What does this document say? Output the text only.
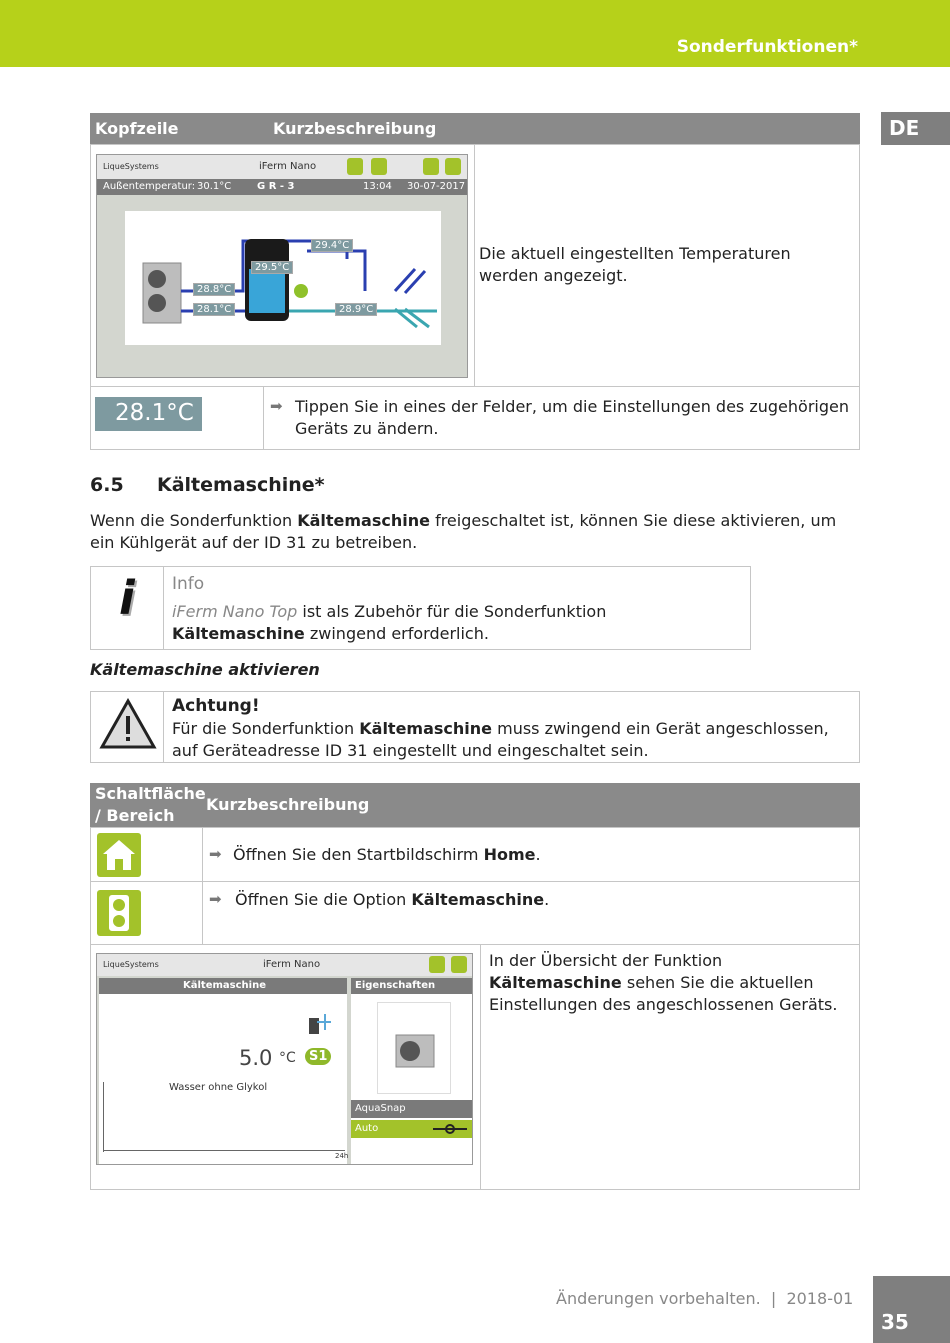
Sonderfunktionen*
DE
Kopfzeile	Kurzbeschreibung
Die aktuell eingestellten Temperaturen werden angezeigt.
LiqueSystems	iFerm Nano
Außentemperatur: 30.1°C	G R - 3	13:04 30-07-2017
29.4°C
29.5°C
28.8°C
28.1°C	28.9°C
28.1°C	➡ Tippen Sie in eines der Felder, um die Einstellungen des zugehörigen Geräts zu ändern.
6.5 Kältemaschine*
Wenn die Sonderfunktion Kältemaschine freigeschaltet ist, können Sie diese aktivieren, um ein Kühlgerät auf der ID 31 zu betreiben.
i Info
iFerm Nano Top ist als Zubehör für die Sonderfunktion Kältemaschine zwingend erforderlich.
Kältemaschine aktivieren
Achtung!
Für die Sonderfunktion Kältemaschine muss zwingend ein Gerät angeschlossen, auf Geräteadresse ID 31 eingestellt und eingeschaltet sein.
Schaltfläche / Bereich
Kurzbeschreibung
➡ Öffnen Sie den Startbildschirm Home.
➡ Öffnen Sie die Option Kältemaschine.
In der Übersicht der Funktion Kältemaschine sehen Sie die aktuellen Einstellungen des angeschlossenen Geräts.
LiqueSystems	iFerm Nano
Kältemaschine
5.0 °C	S1
Wasser ohne Glykol
24h
Eigenschaften
AquaSnap
Auto
Änderungen vorbehalten.  |  2018-01
35
